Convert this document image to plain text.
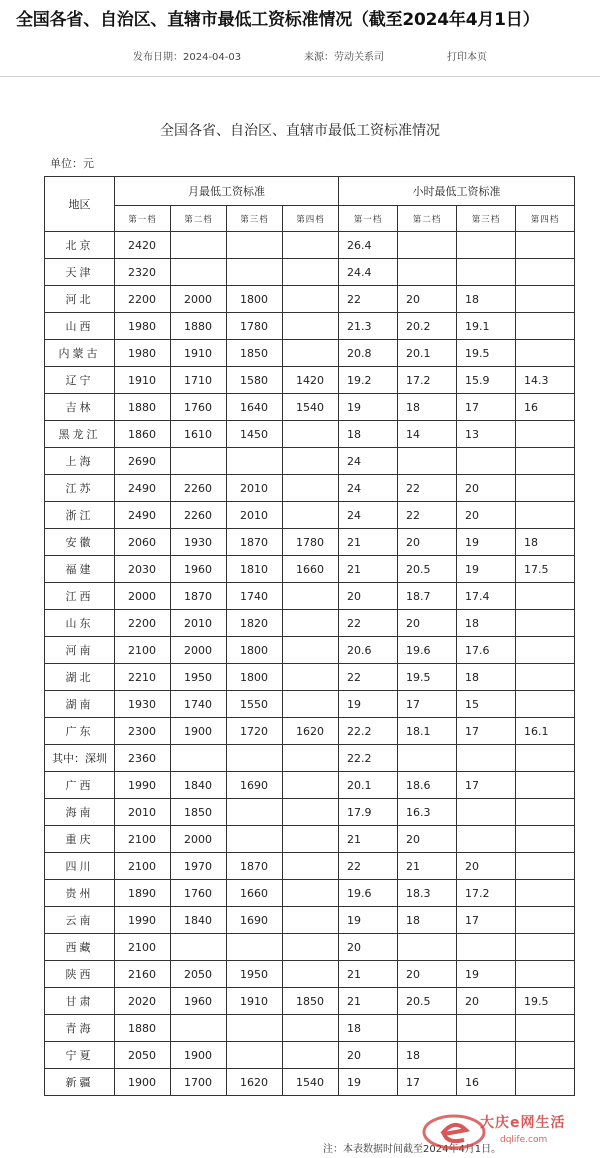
全国各省、自治区、直辖市最低工资标准情况（截至2024年4月1日）
发布日期：2024-04-03	来源：劳动关系司	打印本页
全国各省、自治区、直辖市最低工资标准情况
单位：元
地区	月最低工资标准				小时最低工资标准			
	第一档	第二档	第三档	第四档	第一档	第二档	第三档	第四档
北京	2420				26.4			
天津	2320				24.4			
河北	2200	2000	1800		22	20	18	
山西	1980	1880	1780		21.3	20.2	19.1	
内蒙古	1980	1910	1850		20.8	20.1	19.5	
辽宁	1910	1710	1580	1420	19.2	17.2	15.9	14.3
吉林	1880	1760	1640	1540	19	18	17	16
黑龙江	1860	1610	1450		18	14	13	
上海	2690				24			
江苏	2490	2260	2010		24	22	20	
浙江	2490	2260	2010		24	22	20	
安徽	2060	1930	1870	1780	21	20	19	18
福建	2030	1960	1810	1660	21	20.5	19	17.5
江西	2000	1870	1740		20	18.7	17.4	
山东	2200	2010	1820		22	20	18	
河南	2100	2000	1800		20.6	19.6	17.6	
湖北	2210	1950	1800		22	19.5	18	
湖南	1930	1740	1550		19	17	15	
广东	2300	1900	1720	1620	22.2	18.1	17	16.1
其中：深圳	2360				22.2			
广西	1990	1840	1690		20.1	18.6	17	
海南	2010	1850			17.9	16.3		
重庆	2100	2000			21	20		
四川	2100	1970	1870		22	21	20	
贵州	1890	1760	1660		19.6	18.3	17.2	
云南	1990	1840	1690		19	18	17	
西藏	2100				20			
陕西	2160	2050	1950		21	20	19	
甘肃	2020	1960	1910	1850	21	20.5	20	19.5
青海	1880				18			
宁夏	2050	1900			20	18		
新疆	1900	1700	1620	1540	19	17	16	
注：本表数据时间截至2024年4月1日。
大庆e网生活
dqlife.com
